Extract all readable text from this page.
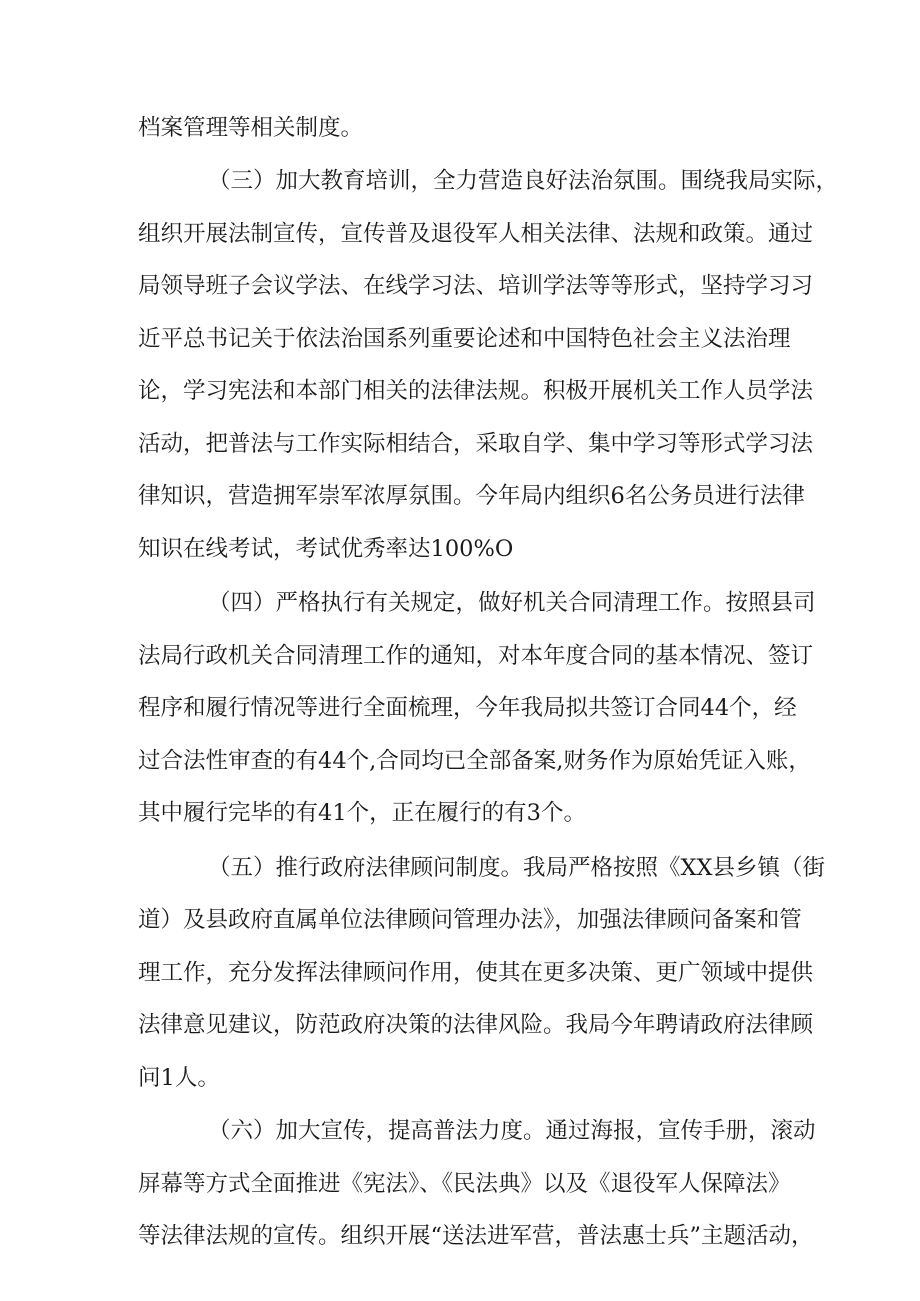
档案管理等相关制度。
（三）加大教育培训，全力营造良好法治氛围。围绕我局实际，
组织开展法制宣传，宣传普及退役军人相关法律、法规和政策。通过
局领导班子会议学法、在线学习法、培训学法等等形式，坚持学习习
近平总书记关于依法治国系列重要论述和中国特色社会主义法治理
论，学习宪法和本部门相关的法律法规。积极开展机关工作人员学法
活动，把普法与工作实际相结合，采取自学、集中学习等形式学习法
律知识，营造拥军崇军浓厚氛围。今年局内组织6名公务员进行法律
知识在线考试，考试优秀率达100%O
（四）严格执行有关规定，做好机关合同清理工作。按照县司
法局行政机关合同清理工作的通知，对本年度合同的基本情况、签订
程序和履行情况等进行全面梳理，今年我局拟共签订合同44个，经
过合法性审查的有44个,合同均已全部备案,财务作为原始凭证入账，
其中履行完毕的有41个，正在履行的有3个。
（五）推行政府法律顾问制度。我局严格按照《XX县乡镇（街
道）及县政府直属单位法律顾问管理办法》，加强法律顾问备案和管
理工作，充分发挥法律顾问作用，使其在更多决策、更广领域中提供
法律意见建议，防范政府决策的法律风险。我局今年聘请政府法律顾
问1人。
（六）加大宣传，提高普法力度。通过海报，宣传手册，滚动
屏幕等方式全面推进《宪法》、《民法典》以及《退役军人保障法》
等法律法规的宣传。组织开展“送法进军营，普法惠士兵”主题活动，
